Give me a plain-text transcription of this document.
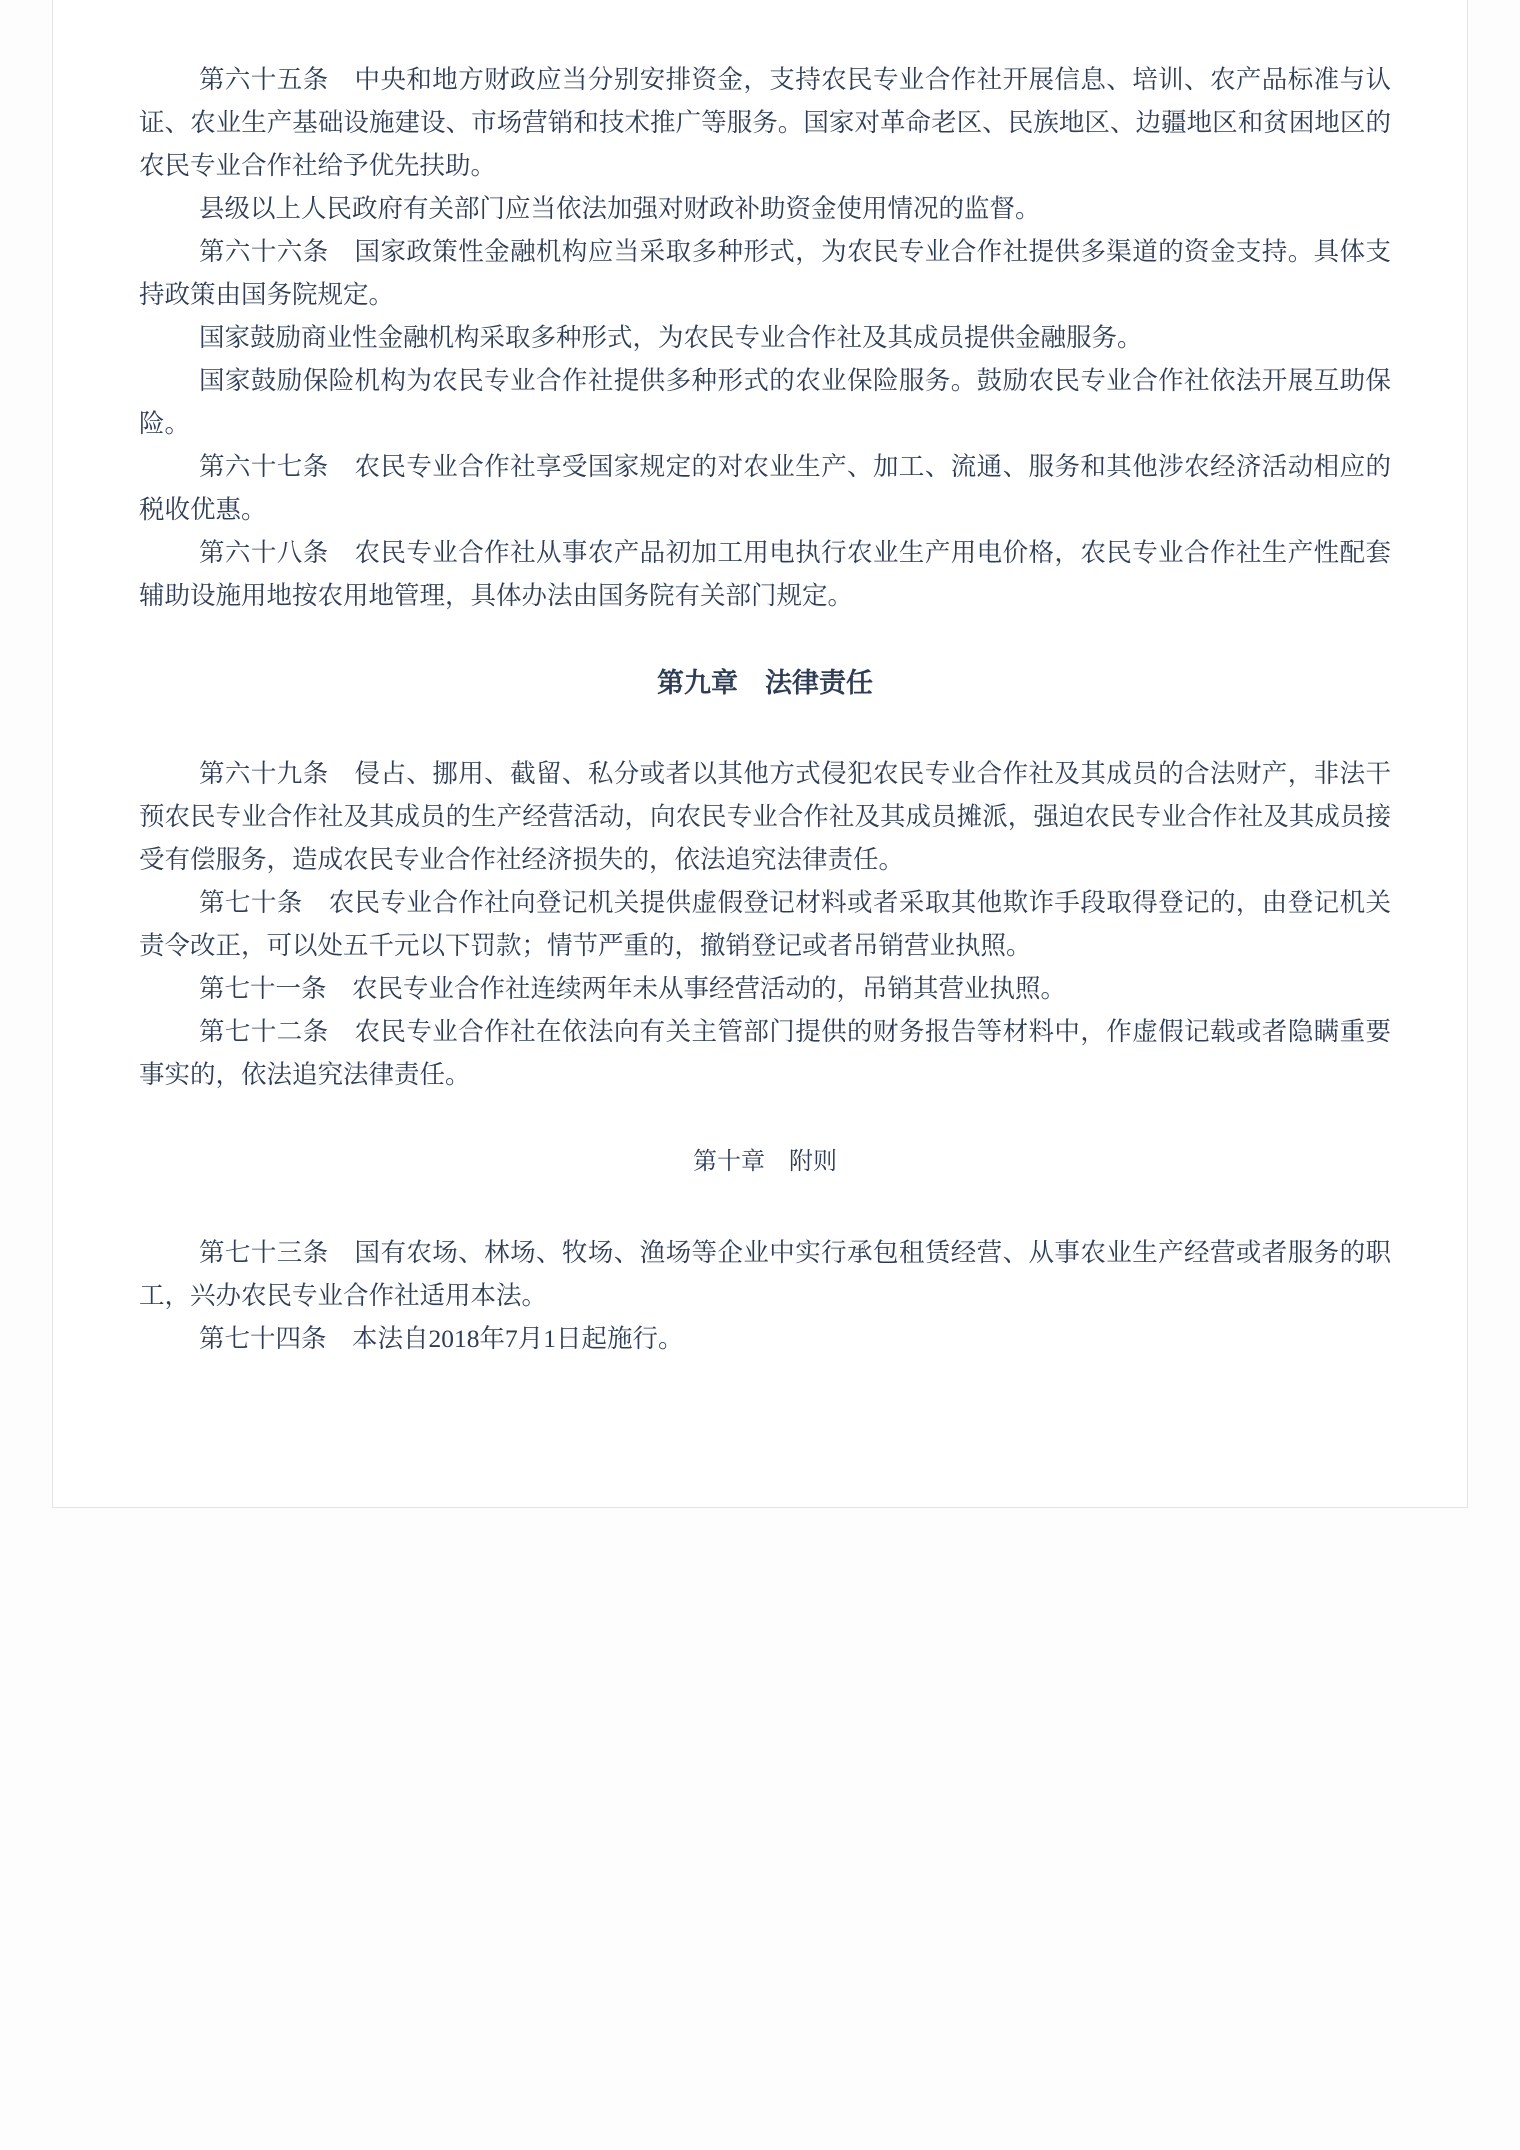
第六十五条　中央和地方财政应当分别安排资金，支持农民专业合作社开展信息、培训、农产品标准与认证、农业生产基础设施建设、市场营销和技术推广等服务。国家对革命老区、民族地区、边疆地区和贫困地区的农民专业合作社给予优先扶助。

县级以上人民政府有关部门应当依法加强对财政补助资金使用情况的监督。

第六十六条　国家政策性金融机构应当采取多种形式，为农民专业合作社提供多渠道的资金支持。具体支持政策由国务院规定。

国家鼓励商业性金融机构采取多种形式，为农民专业合作社及其成员提供金融服务。

国家鼓励保险机构为农民专业合作社提供多种形式的农业保险服务。鼓励农民专业合作社依法开展互助保险。

第六十七条　农民专业合作社享受国家规定的对农业生产、加工、流通、服务和其他涉农经济活动相应的税收优惠。

第六十八条　农民专业合作社从事农产品初加工用电执行农业生产用电价格，农民专业合作社生产性配套辅助设施用地按农用地管理，具体办法由国务院有关部门规定。

第九章　法律责任

第六十九条　侵占、挪用、截留、私分或者以其他方式侵犯农民专业合作社及其成员的合法财产，非法干预农民专业合作社及其成员的生产经营活动，向农民专业合作社及其成员摊派，强迫农民专业合作社及其成员接受有偿服务，造成农民专业合作社经济损失的，依法追究法律责任。

第七十条　农民专业合作社向登记机关提供虚假登记材料或者采取其他欺诈手段取得登记的，由登记机关责令改正，可以处五千元以下罚款；情节严重的，撤销登记或者吊销营业执照。

第七十一条　农民专业合作社连续两年未从事经营活动的，吊销其营业执照。

第七十二条　农民专业合作社在依法向有关主管部门提供的财务报告等材料中，作虚假记载或者隐瞒重要事实的，依法追究法律责任。

第十章　附则

第七十三条　国有农场、林场、牧场、渔场等企业中实行承包租赁经营、从事农业生产经营或者服务的职工，兴办农民专业合作社适用本法。

第七十四条　本法自2018年7月1日起施行。
